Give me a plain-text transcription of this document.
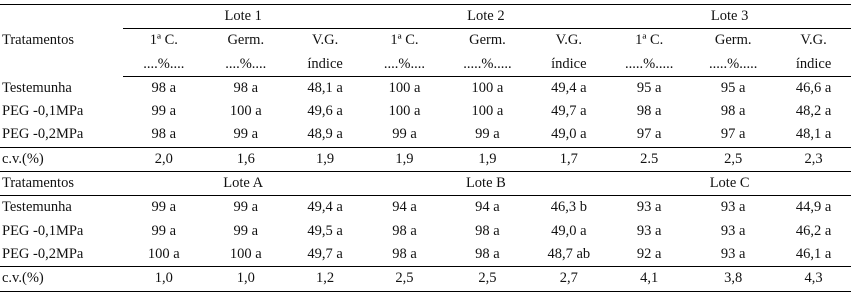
Tratamentos	Lote 1			Lote 2			Lote 3		
	1ª C.	Germ.	V.G.	1ª C.	Germ.	V.G.	1ª C.	Germ.	V.G.
	....%....	....%....	índice	....%....	.....%.....	índice	.....%.....	.....%.....	índice
Testemunha	98 a	98 a	48,1 a	100 a	100 a	49,4 a	95 a	95 a	46,6 a
PEG -0,1MPa	99 a	100 a	49,6 a	100 a	100 a	49,7 a	98 a	98 a	48,2 a
PEG -0,2MPa	98 a	99 a	48,9 a	99 a	99 a	49,0 a	97 a	97 a	48,1 a
c.v.(%)	2,0	1,6	1,9	1,9	1,9	1,7	2.5	2,5	2,3
Tratamentos	Lote A			Lote B			Lote C		
Testemunha	99 a	99 a	49,4 a	94 a	94 a	46,3 b	93 a	93 a	44,9 a
PEG -0,1MPa	99 a	99 a	49,5 a	98 a	98 a	49,0 a	93 a	93 a	46,2 a
PEG -0,2MPa	100 a	100 a	49,7 a	98 a	98 a	48,7 ab	92 a	93 a	46,1 a
c.v.(%)	1,0	1,0	1,2	2,5	2,5	2,7	4,1	3,8	4,3
